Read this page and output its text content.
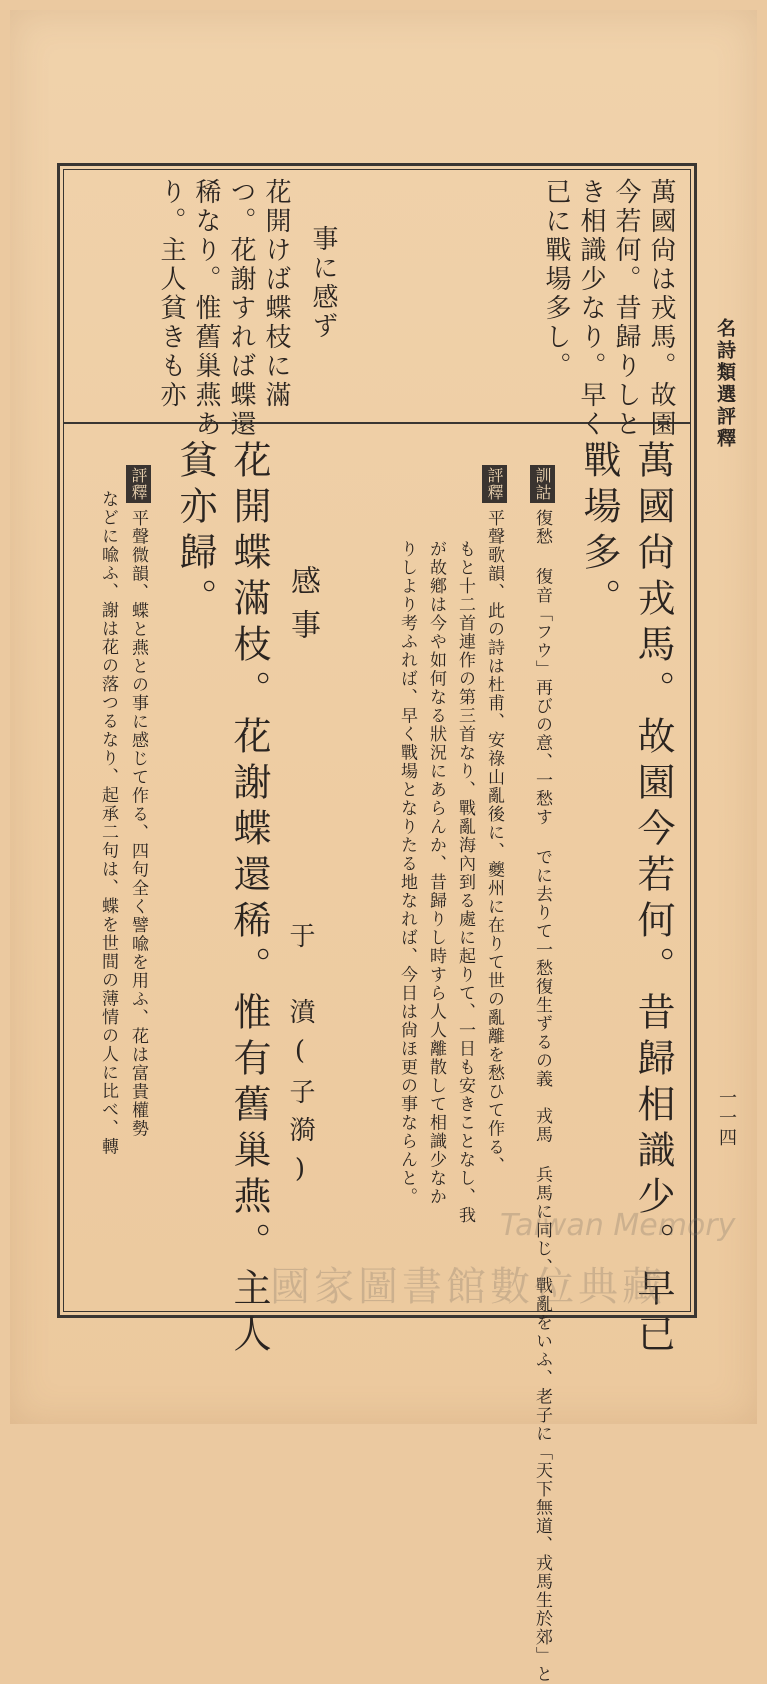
名詩類選評釋
一一四
萬國尙は戎馬。故園
今若何。昔歸りしと
き相識少なり。早く
已に戰場多し。
事に感ず
花開けば蝶枝に滿
つ。花謝すれば蝶還
稀なり。惟舊巢燕あ
り。主人貧きも亦
萬國尙戎馬。故園今若何。昔歸相識少。早已
戰場多。
訓詁復愁 復音「フウ」再びの意、一愁す でに去りて一愁復生ずるの義　戎馬 兵馬に同じ、戰亂をいふ、老子に「天下無道、戎馬生於郊」と
評釋平聲歌韻、此の詩は杜甫、安祿山亂後に、夔州に在りて世の亂離を愁ひて作る、
もと十二首連作の第三首なり、戰亂海內到る處に起りて、一日も安きことなし、我
が故鄕は今や如何なる狀況にあらんか、昔歸りし時すら人人離散して相識少なか
りしより考ふれば、早く戰場となりたる地なれば、今日は尙ほ更の事ならんと。
感事
于　濆(子漪)
花開蝶滿枝。花謝蝶還稀。惟有舊巢燕。主人
貧亦歸。
評釋平聲微韻、蝶と燕との事に感じて作る、四句全く譬喩を用ふ、花は富貴權勢
などに喩ふ、謝は花の落つるなり、起承二句は、蝶を世間の薄情の人に比べ、轉
Taiwan Memory
國家圖書館數位典藏
